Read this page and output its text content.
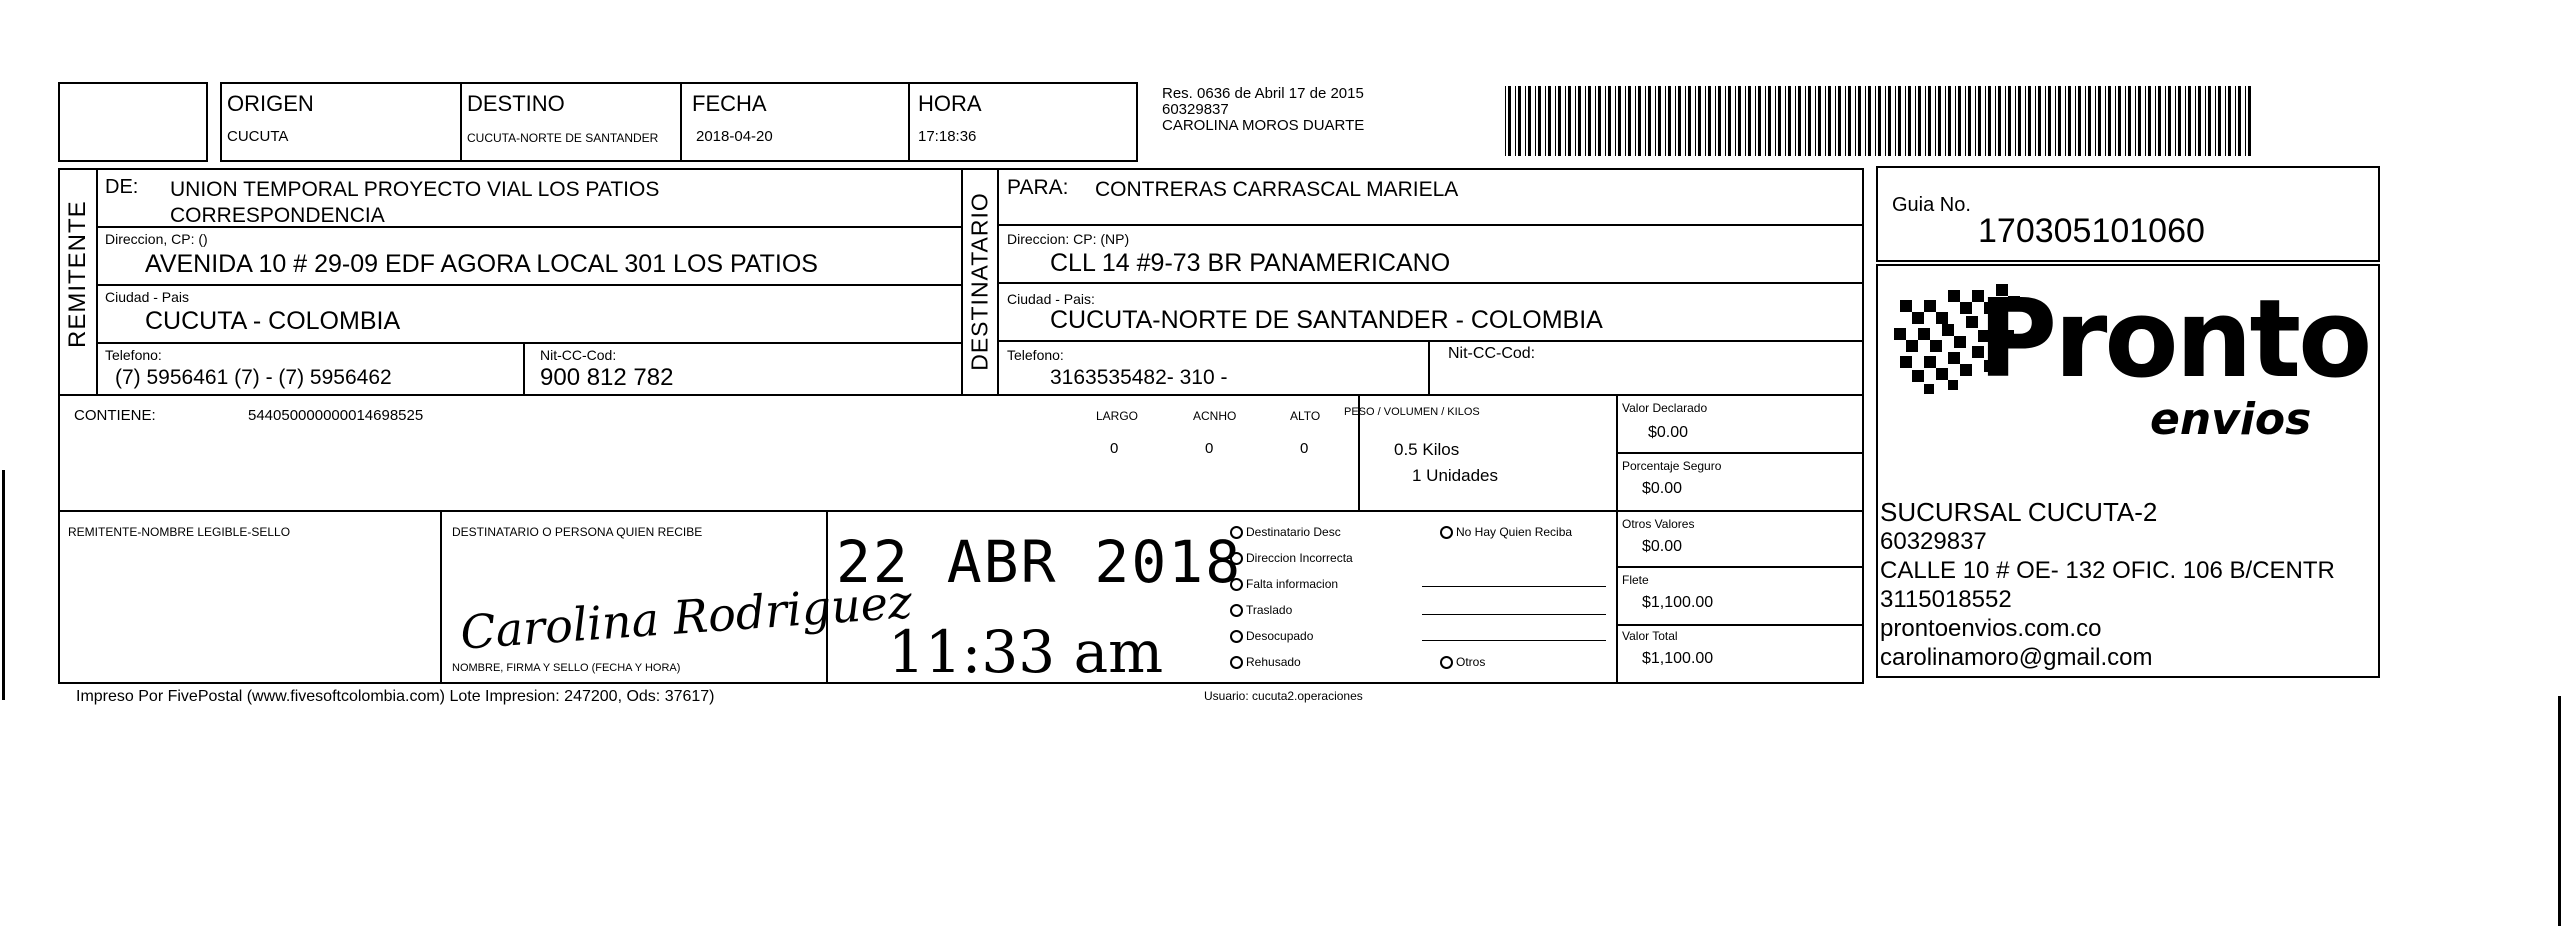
ORIGEN
CUCUTA
DESTINO
CUCUTA-NORTE DE SANTANDER
FECHA
2018-04-20
HORA
17:18:36
Res. 0636 de Abril 17 de 2015
60329837
CAROLINA MOROS DUARTE
REMITENTE
DE: UNION TEMPORAL PROYECTO VIAL LOS PATIOS
CORRESPONDENCIA
Direccion, CP: ()
AVENIDA 10 # 29-09 EDF AGORA LOCAL 301 LOS PATIOS
Ciudad - Pais
CUCUTA - COLOMBIA
Telefono:
(7) 5956461 (7) - (7) 5956462
Nit-CC-Cod:
900 812 782
DESTINATARIO
PARA: CONTRERAS CARRASCAL MARIELA
Direccion: CP: (NP)
CLL 14 #9-73 BR PANAMERICANO
Ciudad - Pais:
CUCUTA-NORTE DE SANTANDER - COLOMBIA
Telefono:
3163535482- 310 -
Nit-CC-Cod:
Guia No.
170305101060
Pronto
envios
SUCURSAL CUCUTA-2
60329837
CALLE 10 # OE- 132 OFIC. 106 B/CENTR
3115018552
prontoenvios.com.co
carolinamoro@gmail.com
CONTIENE:	544050000000014698525	LARGO	ACNHO	ALTO
0	0	0
PESO / VOLUMEN / KILOS
0.5 Kilos
1 Unidades
Valor Declarado
$0.00
Porcentaje Seguro
$0.00
Otros Valores
$0.00
Flete
$1,100.00
Valor Total
$1,100.00
REMITENTE-NOMBRE LEGIBLE-SELLO	DESTINATARIO O PERSONA QUIEN RECIBE
NOMBRE, FIRMA Y SELLO (FECHA Y HORA)
Carolina Rodriguez
22 ABR 2018
11:33 am
Destinatario Desc
Direccion Incorrecta
Falta informacion
Traslado
Desocupado
Rehusado
No Hay Quien Reciba
Otros
Impreso Por FivePostal (www.fivesoftcolombia.com) Lote Impresion: 247200, Ods: 37617)	Usuario: cucuta2.operaciones
